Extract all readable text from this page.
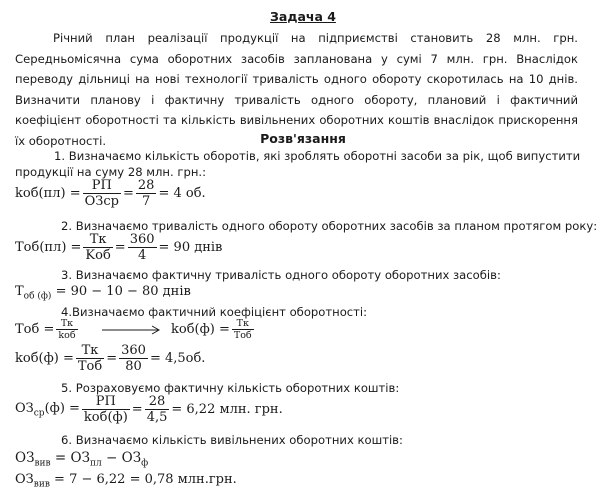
Задача 4
Річний план реалізації продукції на підприємстві становить 28 млн. грн. Середньомісячна сума оборотних засобів запланована у сумі 7 млн. грн. Внаслідок переводу дільниці на нові технології тривалість одного обороту скоротилась на 10 днів. Визначити планову і фактичну тривалість одного обороту, плановий і фактичний коефіцієнт оборотності та кількість вивільнених оборотних коштів внаслідок прискорення їх оборотності.	Розв'язання
1. Визначаємо кількість оборотів, які зроблять оборотні засоби за рік, щоб випустити
продукції на суму 28 млн. грн.:
$kоб(пл) = \frac{РП}{\text{ОЗср}} = \frac{28}{7} = 4$ об.
2. Визначаємо тривалість одного обороту оборотних засобів за планом протягом року:
$Тоб(пл) = \frac{Тк}{\text{Kоб}} = \frac{360}{4} = 90$ днів
3. Визначаємо фактичну тривалість одного обороту оборотних засобів:
$Т_{об (ф)} = 90 - 10 - 80$ днів
4.Визначаємо фактичний коефіцієнт оборотності:
Тоб = $\frac{Тк}{\text{kоб}}$	$kоб(ф) = \frac{Тк}{\text{Тоб}}$
$kоб(ф) = \frac{Тк}{\text{Тоб}} = \frac{360}{80} = 4,5об$.
5. Розраховуємо фактичну кількість оборотних коштів:
$ОЗ_{ср}(ф) = \frac{РП}{\text{kоб(ф)}} = \frac{28}{4,5} = 6,22$ млн. грн.
6. Визначаємо кількість вивільнених оборотних коштів:
$ОЗ_{вив} = ОЗ_{пл} - ОЗ_ф$
$ОЗ_{вив} = 7 - 6,22 = 0,78$ млн.грн.
